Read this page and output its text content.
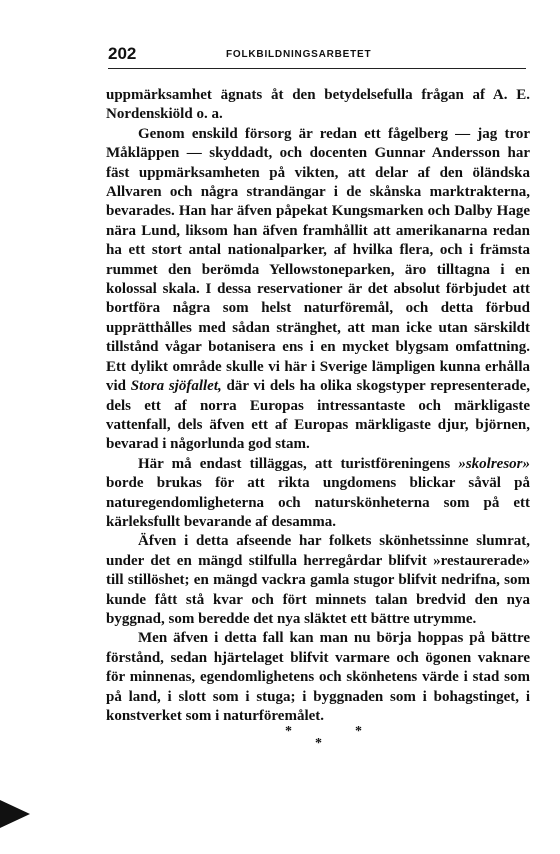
202	FOLKBILDNINGSARBETET

uppmärksamhet ägnats åt den betydelsefulla frågan af A. E. Nordenskiöld o. a.

Genom enskild försorg är redan ett fågelberg — jag tror Måkläppen — skyddadt, och docenten Gunnar Andersson har fäst uppmärksamheten på vikten, att delar af den öländska Allvaren och några strandängar i de skånska marktrakterna, bevarades. Han har äfven påpekat Kungsmarken och Dalby Hage nära Lund, liksom han äfven framhållit att amerikanarna redan ha ett stort antal nationalparker, af hvilka flera, och i främsta rummet den berömda Yellowstoneparken, äro tilltagna i en kolossal skala. I dessa reservationer är det absolut förbjudet att bortföra några som helst naturföremål, och detta förbud upprätthålles med sådan stränghet, att man icke utan särskildt tillstånd vågar botanisera ens i en mycket blygsam omfattning. Ett dylikt område skulle vi här i Sverige lämpligen kunna erhålla vid Stora sjöfallet, där vi dels ha olika skogstyper representerade, dels ett af norra Europas intressantaste och märkligaste vattenfall, dels äfven ett af Europas märkligaste djur, björnen, bevarad i någorlunda god stam.

Här må endast tilläggas, att turistföreningens »skolresor» borde brukas för att rikta ungdomens blickar såväl på naturegendomligheterna och naturskönheterna som på ett kärleksfullt bevarande af desamma.

Äfven i detta afseende har folkets skönhetssinne slumrat, under det en mängd stilfulla herregårdar blifvit »restaurerade» till stillöshet; en mängd vackra gamla stugor blifvit nedrifna, som kunde fått stå kvar och fört minnets talan bredvid den nya byggnad, som beredde det nya släktet ett bättre utrymme.

Men äfven i detta fall kan man nu börja hoppas på bättre förstånd, sedan hjärtelaget blifvit varmare och ögonen vaknare för minnenas, egendomlighetens och skönhetens värde i stad som på land, i slott som i stuga; i byggnaden som i bohagstinget, i konstverket som i naturföremålet.

*
*
*
